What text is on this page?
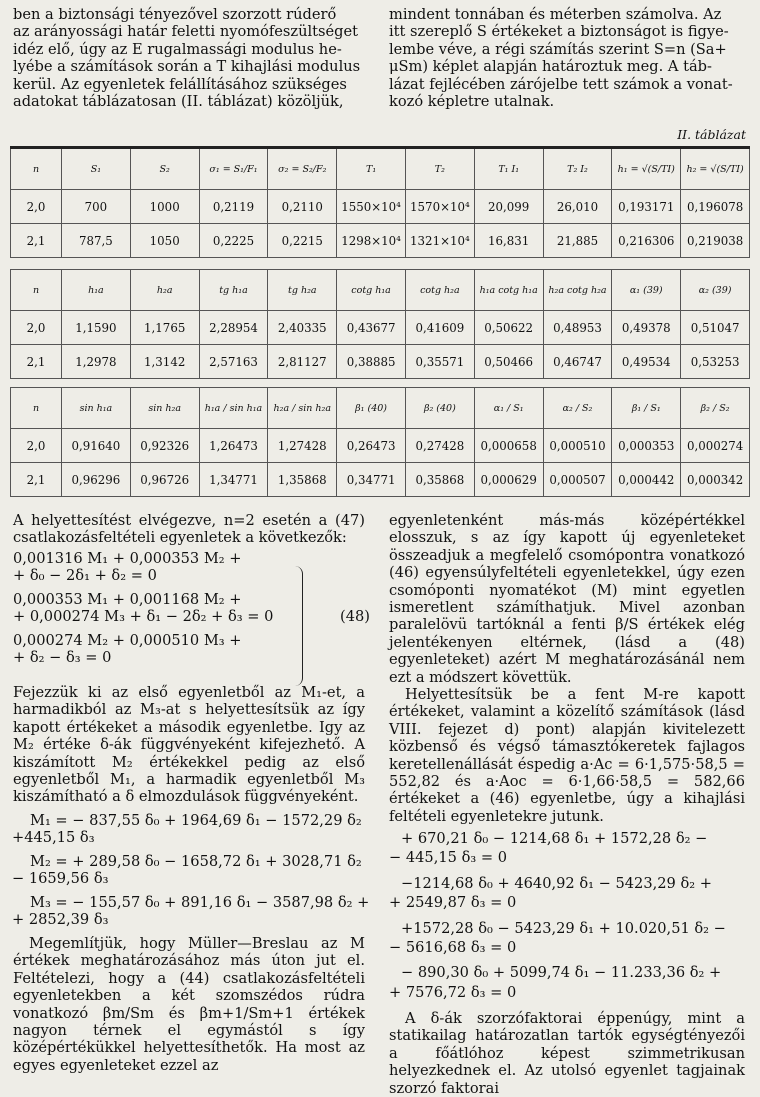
ben a biztonsági tényezővel szorzott rúderő
az arányossági határ feletti nyomófeszültséget
idéz elő, úgy az E rugalmassági modulus he-
lyébe a számítások során a T kihajlási modulus
kerül. Az egyenletek felállításához szükséges
adatokat táblázatosan (II. táblázat) közöljük,
mindent tonnában és méterben számolva. Az
itt szereplő S értékeket a biztonságot is figye-
lembe véve, a régi számítás szerint S=n (Sa+
μSm) képlet alapján határoztuk meg. A táb-
lázat fejlécében zárójelbe tett számok a vonat-
kozó képletre utalnak.
II. táblázat
n	S₁	S₂	σ₁ = S₁/F₁	σ₂ = S₂/F₂	T₁	T₂	T₁ I₁	T₂ I₂	h₁ = √(S/TI)	h₂ = √(S/TI)
2,0	700	1000	0,2119	0,2110	1550×10⁴	1570×10⁴	20,099	26,010	0,193171	0,196078
2,1	787,5	1050	0,2225	0,2215	1298×10⁴	1321×10⁴	16,831	21,885	0,216306	0,219038
n	h₁a	h₂a	tg h₁a	tg h₂a	cotg h₁a	cotg h₂a	h₁a cotg h₁a	h₂a cotg h₂a	α₁ (39)	α₂ (39)
2,0	1,1590	1,1765	2,28954	2,40335	0,43677	0,41609	0,50622	0,48953	0,49378	0,51047
2,1	1,2978	1,3142	2,57163	2,81127	0,38885	0,35571	0,50466	0,46747	0,49534	0,53253
n	sin h₁a	sin h₂a	h₁a / sin h₁a	h₂a / sin h₂a	β₁ (40)	β₂ (40)	α₁ / S₁	α₂ / S₂	β₁ / S₁	β₂ / S₂
2,0	0,91640	0,92326	1,26473	1,27428	0,26473	0,27428	0,000658	0,000510	0,000353	0,000274
2,1	0,96296	0,96726	1,34771	1,35868	0,34771	0,35868	0,000629	0,000507	0,000442	0,000342
A helyettesítést elvégezve, n=2 esetén a (47) csatlakozásfeltételi egyenletek a következők:
0,001316 M₁ + 0,000353 M₂ +
+ δ₀ − 2δ₁ + δ₂ = 0
0,000353 M₁ + 0,001168 M₂ +
+ 0,000274 M₃ + δ₁ − 2δ₂ + δ₃ = 0
0,000274 M₂ + 0,000510 M₃ +
+ δ₂ − δ₃ = 0
(48)
Fejezzük ki az első egyenletből az M₁-et, a harmadikból az M₃-at s helyettesítsük az így kapott értékeket a második egyenletbe. Igy az M₂ értéke δ-ák függvényeként kifejezhető. A kiszámított M₂ értékekkel pedig az első egyenletből M₁, a harmadik egyenletből M₃ kiszámítható a δ elmozdulások függvényeként.
M₁ = − 837,55 δ₀ + 1964,69 δ₁ − 1572,29 δ₂
+445,15 δ₃
M₂ = + 289,58 δ₀ − 1658,72 δ₁ + 3028,71 δ₂
− 1659,56 δ₃
M₃ = − 155,57 δ₀ + 891,16 δ₁ − 3587,98 δ₂ +
+ 2852,39 δ₃
Megemlítjük, hogy Müller—Breslau az M értékek meghatározásához más úton jut el. Feltételezi, hogy a (44) csatlakozásfeltételi egyenletekben a két szomszédos rúdra vonatkozó βm/Sm és βm+1/Sm+1 értékek nagyon térnek el egymástól s így középértékükkel helyettesíthetők. Ha most az egyes egyenleteket ezzel az
egyenletenként más-más középértékkel elosszuk, s az így kapott új egyenleteket összeadjuk a megfelelő csomópontra vonatkozó (46) egyensúlyfeltételi egyenletekkel, úgy ezen csomóponti nyomatékot (M) mint egyetlen ismeretlent számíthatjuk. Mivel azonban paralelövü tartóknál a fenti β/S értékek elég jelentékenyen eltérnek, (lásd a (48) egyenleteket) azért M meghatározásánál nem ezt a módszert követtük.
Helyettesítsük be a fent M-re kapott értékeket, valamint a közelítő számítások (lásd VIII. fejezet d) pont) alapján kivitelezett közbenső és végső támasztókeretek fajlagos keretellenállását éspedig a·Ac = 6·1,575·58,5 = 552,82 és a·Aoc = 6·1,66·58,5 = 582,66 értékeket a (46) egyenletbe, úgy a kihajlási feltételi egyenletekre jutunk.
+ 670,21 δ₀ − 1214,68 δ₁ + 1572,28 δ₂ −
− 445,15 δ₃ = 0
−1214,68 δ₀ + 4640,92 δ₁ − 5423,29 δ₂ +
+ 2549,87 δ₃ = 0
+1572,28 δ₀ − 5423,29 δ₁ + 10.020,51 δ₂ −
− 5616,68 δ₃ = 0
− 890,30 δ₀ + 5099,74 δ₁ − 11.233,36 δ₂ +
+ 7576,72 δ₃ = 0
A δ-ák szorzófaktorai éppenúgy, mint a statikailag határozatlan tartók egységtényezői a főátlóhoz képest szimmetrikusan helyezkednek el. Az utolsó egyenlet tagjainak szorzó faktorai
